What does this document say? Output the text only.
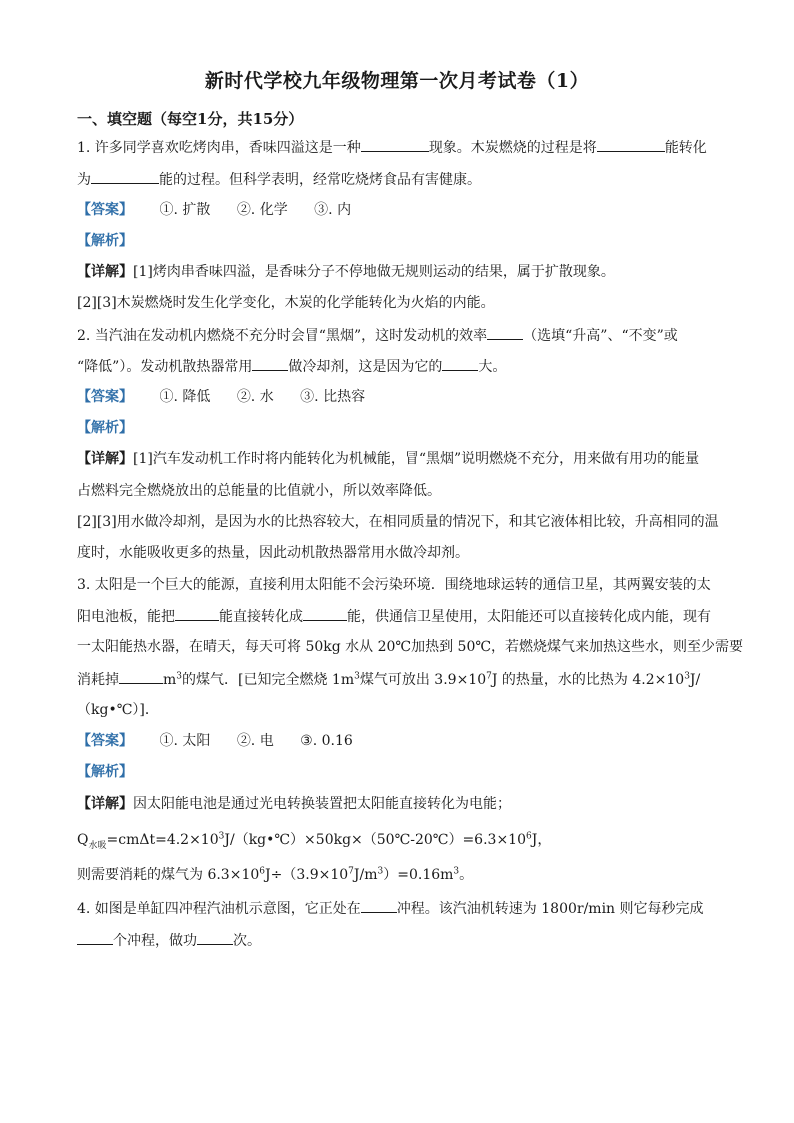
新时代学校九年级物理第一次月考试卷（1）
一、填空题（每空1分，共15分）
1. 许多同学喜欢吃烤肉串，香味四溢这是一种	现象。木炭燃烧的过程是将	能转化
为	能的过程。但科学表明，经常吃烧烤食品有害健康。
【答案】 ①. 扩散 ②. 化学 ③. 内
【解析】
【详解】[1]烤肉串香味四溢，是香味分子不停地做无规则运动的结果，属于扩散现象。
[2][3]木炭燃烧时发生化学变化，木炭的化学能转化为火焰的内能。
2. 当汽油在发动机内燃烧不充分时会冒“黑烟”，这时发动机的效率	（选填“升高”、“不变”或
“降低”）。发动机散热器常用	做冷却剂，这是因为它的	大。
【答案】 ①. 降低 ②. 水 ③. 比热容
【解析】
【详解】[1]汽车发动机工作时将内能转化为机械能，冒“黑烟”说明燃烧不充分，用来做有用功的能量
占燃料完全燃烧放出的总能量的比值就小，所以效率降低。
[2][3]用水做冷却剂，是因为水的比热容较大，在相同质量的情况下，和其它液体相比较，升高相同的温
度时，水能吸收更多的热量，因此动机散热器常用水做冷却剂。
3. 太阳是一个巨大的能源，直接利用太阳能不会污染环境．围绕地球运转的通信卫星，其两翼安装的太
阳电池板，能把	能直接转化成	能，供通信卫星使用，太阳能还可以直接转化成内能，现有
一太阳能热水器，在晴天，每天可将 50kg 水从 20℃加热到 50℃，若燃烧煤气来加热这些水，则至少需要
消耗掉	$m^3$的煤气．[已知完全燃烧 $1m^3$煤气可放出 $3.9\times 10^7J$ 的热量，水的比热为 $4.2\times 10^3J/$
（kg•℃）]．
【答案】 ①. 太阳 ②. 电 ③. 0.16
【解析】
【详解】因太阳能电池是通过光电转换装置把太阳能直接转化为电能；
$Q_{水吸}=cm\Delta t=4.2\times 10^3J/(kg•℃)\times 50kg\times(50℃-20℃)=6.3\times 10^6J$，
则需要消耗的煤气为 $6.3\times 10^6J\div(3.9\times 10^7J/m^3)=0.16m^3$。
4. 如图是单缸四冲程汽油机示意图，它正处在	冲程。该汽油机转速为 1800r/min 则它每秒完成
个冲程，做功	次。
